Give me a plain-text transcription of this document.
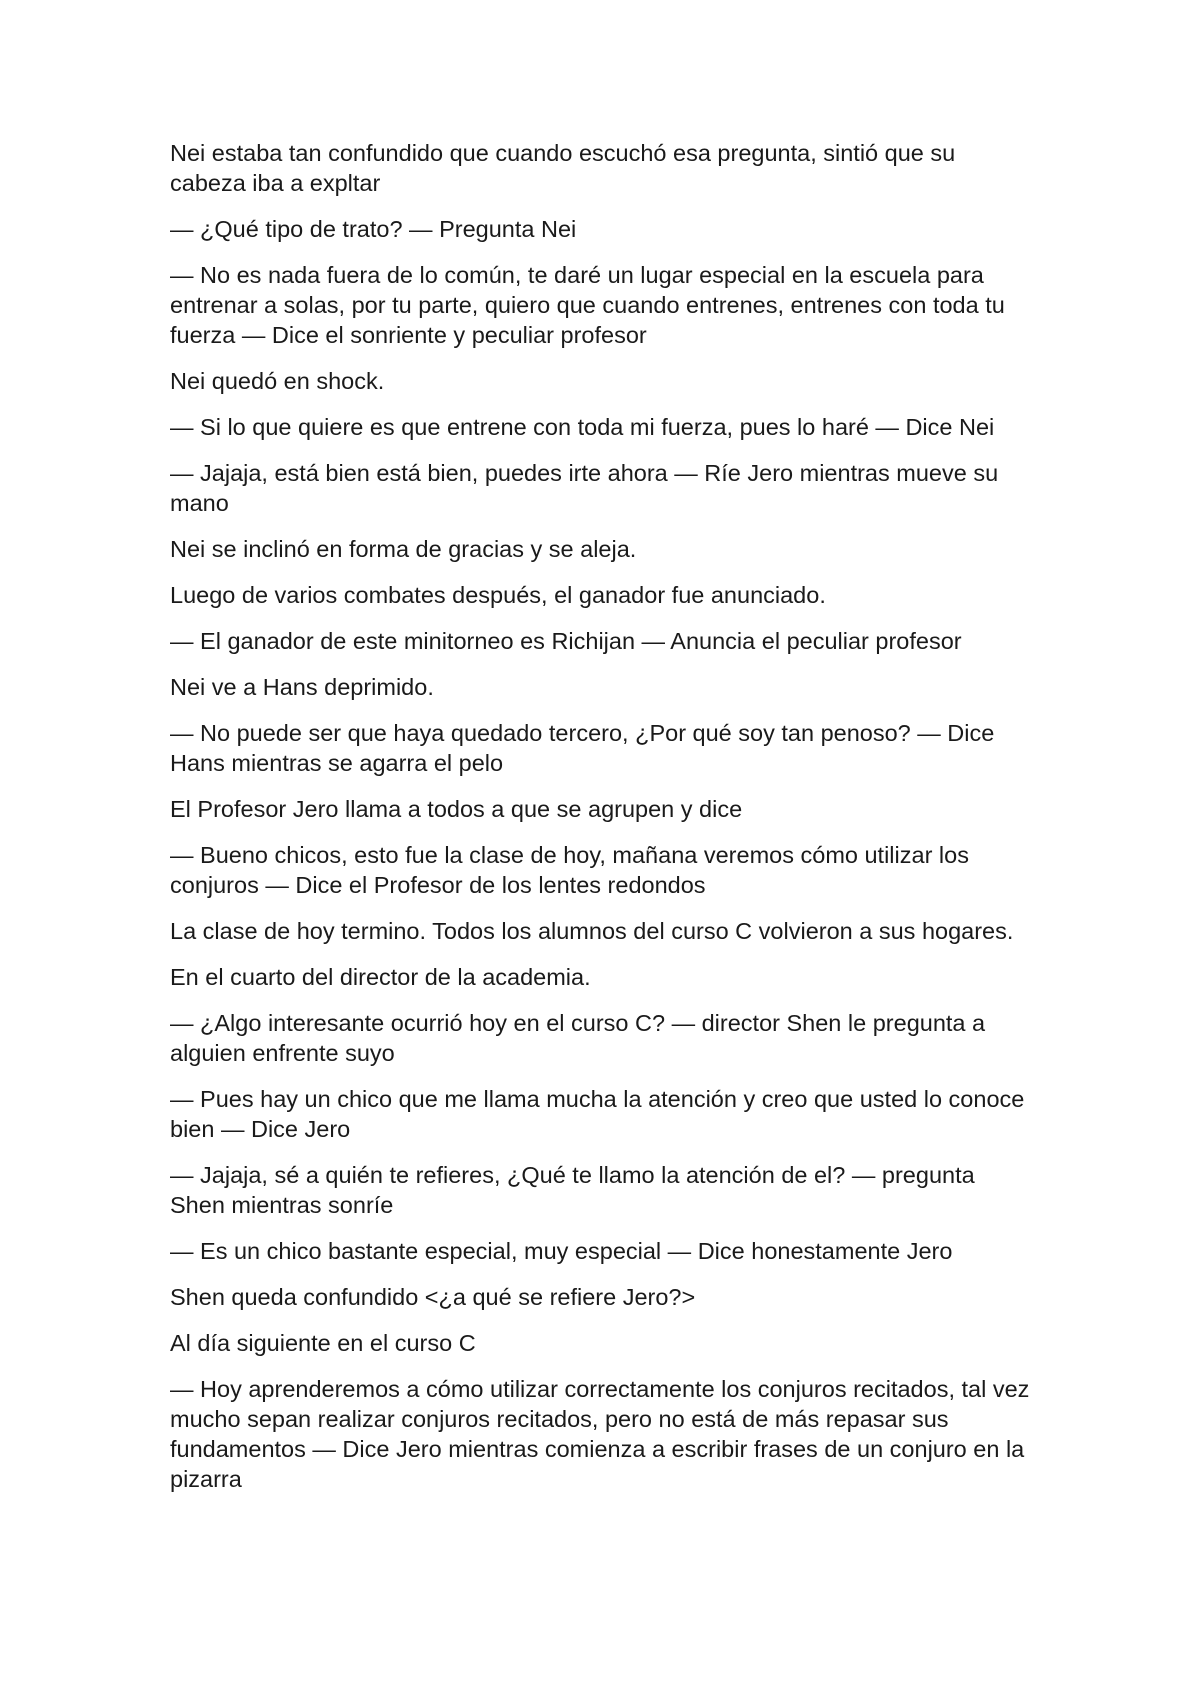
Nei estaba tan confundido que cuando escuchó esa pregunta, sintió que su cabeza iba a expltar

— ¿Qué tipo de trato? — Pregunta Nei

— No es nada fuera de lo común, te daré un lugar especial en la escuela para entrenar a solas, por tu parte, quiero que cuando entrenes, entrenes con toda tu fuerza — Dice el sonriente y peculiar profesor

Nei quedó en shock.

— Si lo que quiere es que entrene con toda mi fuerza, pues lo haré — Dice Nei

— Jajaja, está bien está bien, puedes irte ahora — Ríe Jero mientras mueve su mano

Nei se inclinó en forma de gracias y se aleja.

Luego de varios combates después, el ganador fue anunciado.

— El ganador de este minitorneo es Richijan — Anuncia el peculiar profesor

Nei ve a Hans deprimido.

— No puede ser que haya quedado tercero, ¿Por qué soy tan penoso? — Dice Hans mientras se agarra el pelo

El Profesor Jero llama a todos a que se agrupen y dice

— Bueno chicos, esto fue la clase de hoy, mañana veremos cómo utilizar los conjuros — Dice el Profesor de los lentes redondos

La clase de hoy termino. Todos los alumnos del curso C volvieron a sus hogares.

En el cuarto del director de la academia.

— ¿Algo interesante ocurrió hoy en el curso C? — director Shen le pregunta a alguien enfrente suyo

— Pues hay un chico que me llama mucha la atención y creo que usted lo conoce bien — Dice Jero

— Jajaja, sé a quién te refieres, ¿Qué te llamo la atención de el? — pregunta Shen mientras sonríe

— Es un chico bastante especial, muy especial — Dice honestamente Jero

Shen queda confundido <¿a qué se refiere Jero?>

Al día siguiente en el curso C

— Hoy aprenderemos a cómo utilizar correctamente los conjuros recitados, tal vez mucho sepan realizar conjuros recitados, pero no está de más repasar sus fundamentos — Dice Jero mientras comienza a escribir frases de un conjuro en la pizarra
